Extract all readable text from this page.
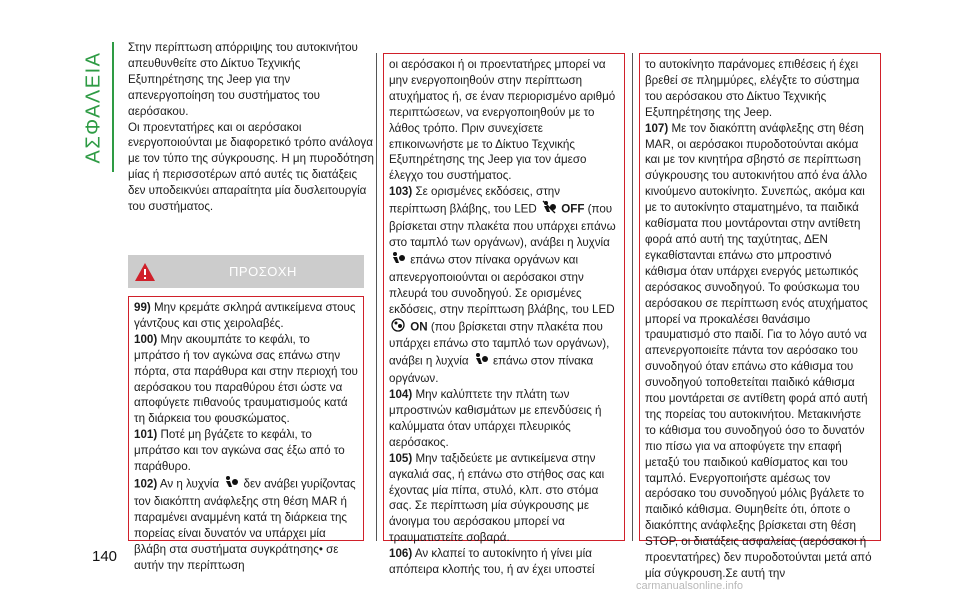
ΑΣΦΑΛΕΙΑ
140

Στην περίπτωση απόρριψης του αυτοκινήτου απευθυνθείτε στο Δίκτυο Τεχνικής Εξυπηρέτησης της Jeep για την απενεργοποίηση του συστήματος του αερόσακου.

Οι προεντατήρες και οι αερόσακοι ενεργοποιούνται με διαφορετικό τρόπο ανάλογα με τον τύπο της σύγκρουσης. Η μη πυροδότηση μίας ή περισσοτέρων από αυτές τις διατάξεις δεν υποδεικνύει απαραίτητα μία δυσλειτουργία του συστήματος.

ΠΡΟΣΟΧΗ

99) Μην κρεμάτε σκληρά αντικείμενα στους γάντζους και στις χειρολαβές.

100) Μην ακουμπάτε το κεφάλι, το μπράτσο ή τον αγκώνα σας επάνω στην πόρτα, στα παράθυρα και στην περιοχή του αερόσακου του παραθύρου έτσι ώστε να αποφύγετε πιθανούς τραυματισμούς κατά τη διάρκεια του φουσκώματος.

101) Ποτέ μη βγάζετε το κεφάλι, το μπράτσο και τον αγκώνα σας έξω από το παράθυρο.

102) Αν η λυχνία δεν ανάβει γυρίζοντας τον διακόπτη ανάφλεξης στη θέση MAR ή παραμένει αναμμένη κατά τη διάρκεια της πορείας είναι δυνατόν να υπάρχει μία βλάβη στα συστήματα συγκράτησης• σε αυτήν την περίπτωση

οι αερόσακοι ή οι προεντατήρες μπορεί να μην ενεργοποιηθούν στην περίπτωση ατυχήματος ή, σε έναν περιορισμένο αριθμό περιπτώσεων, να ενεργοποιηθούν με το λάθος τρόπο. Πριν συνεχίσετε επικοινωνήστε με το Δίκτυο Τεχνικής Εξυπηρέτησης της Jeep για τον άμεσο έλεγχο του συστήματος.

103) Σε ορισμένες εκδόσεις, στην περίπτωση βλάβης, του LED OFF (που βρίσκεται στην πλακέτα που υπάρχει επάνω στο ταμπλό των οργάνων), ανάβει η λυχνία  επάνω στον πίνακα οργάνων και απενεργοποιούνται οι αερόσακοι στην πλευρά του συνοδηγού. Σε ορισμένες εκδόσεις, στην περίπτωση βλάβης, του LED  ON (που βρίσκεται στην πλακέτα που υπάρχει επάνω στο ταμπλό των οργάνων), ανάβει η λυχνία επάνω στον πίνακα οργάνων.

104) Μην καλύπτετε την πλάτη των μπροστινών καθισμάτων με επενδύσεις ή καλύμματα όταν υπάρχει πλευρικός αερόσακος.

105) Μην ταξιδεύετε με αντικείμενα στην αγκαλιά σας, ή επάνω στο στήθος σας και έχοντας μία πίπα, στυλό, κλπ. στο στόμα σας. Σε περίπτωση μία σύγκρουσης με άνοιγμα του αερόσακου μπορεί να τραυματιστείτε σοβαρά.

106) Αν κλαπεί το αυτοκίνητο ή γίνει μία απόπειρα κλοπής του, ή αν έχει υποστεί

το αυτοκίνητο παράνομες επιθέσεις ή έχει βρεθεί σε πλημμύρες, ελέγξτε το σύστημα του αερόσακου στο Δίκτυο Τεχνικής Εξυπηρέτησης της Jeep.

107) Με τον διακόπτη ανάφλεξης στη θέση MAR, οι αερόσακοι πυροδοτούνται ακόμα και με τον κινητήρα σβηστό σε περίπτωση σύγκρουσης του αυτοκινήτου από ένα άλλο κινούμενο αυτοκίνητο. Συνεπώς, ακόμα και με το αυτοκίνητο σταματημένο, τα παιδικά καθίσματα που μοντάρονται στην αντίθετη φορά από αυτή της ταχύτητας, ΔΕΝ εγκαθίστανται επάνω στο μπροστινό κάθισμα όταν υπάρχει ενεργός μετωπικός αερόσακος συνοδηγού. Το φούσκωμα του αερόσακου σε περίπτωση ενός ατυχήματος μπορεί να προκαλέσει θανάσιμο τραυματισμό στο παιδί. Για το λόγο αυτό να απενεργοποιείτε πάντα τον αερόσακο του συνοδηγού όταν επάνω στο κάθισμα του συνοδηγού τοποθετείται παιδικό κάθισμα που μοντάρεται σε αντίθετη φορά από αυτή της πορείας του αυτοκινήτου. Μετακινήστε το κάθισμα του συνοδηγού όσο το δυνατόν πιο πίσω για να αποφύγετε την επαφή μεταξύ του παιδικού καθίσματος και του ταμπλό. Ενεργοποιήστε αμέσως τον αερόσακο του συνοδηγού μόλις βγάλετε το παιδικό κάθισμα. Θυμηθείτε ότι, όποτε ο διακόπτης ανάφλεξης βρίσκεται στη θέση STOP, οι διατάξεις ασφαλείας (αερόσακοι ή προεντατήρες) δεν πυροδοτούνται μετά από μία σύγκρουση.Σε αυτή την

carmanualsonline.info
